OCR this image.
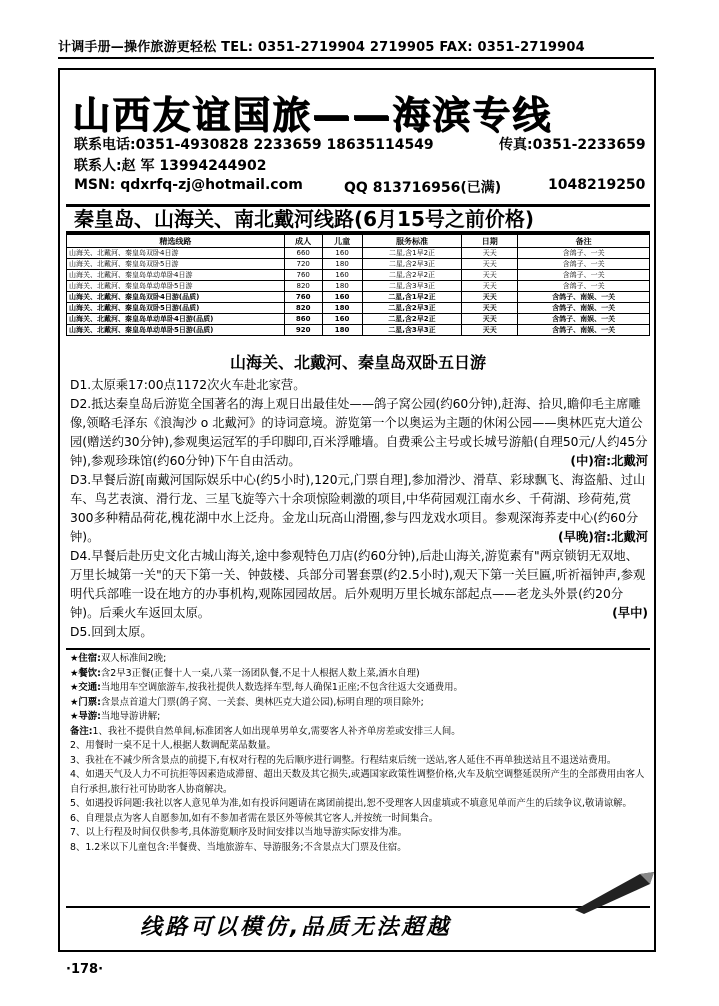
计调手册—操作旅游更轻松 TEL: 0351-2719904 2719905 FAX: 0351-2719904
山西友谊国旅——海滨专线
联系电话:0351-4930828 2233659 18635114549	传真:0351-2233659
联系人:赵 军 13994244902
MSN: qdxrfq-zj@hotmail.com	QQ 813716956(已满)	1048219250
秦皇岛、山海关、南北戴河线路(6月15号之前价格)
精选线路	成人	儿童	服务标准	日期	备注
山海关、北戴河、秦皇岛双卧4日游	660	160	二星,含1早2正	天天	含鸽子、一关
山海关、北戴河、秦皇岛双卧5日游	720	180	二星,含2早3正	天天	含鸽子、一关
山海关、北戴河、秦皇岛单动单卧4日游	760	160	二星,含2早2正	天天	含鸽子、一关
山海关、北戴河、秦皇岛单动单卧5日游	820	180	二星,含3早3正	天天	含鸽子、一关
山海关、北戴河、秦皇岛双卧4日游(品质)	760	160	二星,含1早2正	天天	含鸽子、南娱、一关
山海关、北戴河、秦皇岛双卧5日游(品质)	820	180	二星,含2早3正	天天	含鸽子、南娱、一关
山海关、北戴河、秦皇岛单动单卧4日游(品质)	860	160	二星,含2早2正	天天	含鸽子、南娱、一关
山海关、北戴河、秦皇岛单动单卧5日游(品质)	920	180	二星,含3早3正	天天	含鸽子、南娱、一关
山海关、北戴河、秦皇岛双卧五日游

D1.太原乘17:00点1172次火车赴北家营。

D2.抵达秦皇岛后游览全国著名的海上观日出最佳处——鸽子窝公园(约60分钟),赶海、拾贝,瞻仰毛主席雕像,领略毛泽东《浪淘沙 o 北戴河》的诗词意境。游览第一个以奥运为主题的休闲公园——奥林匹克大道公园(赠送约30分钟),参观奥运冠军的手印脚印,百米浮雕墙。自费乘公主号或长城号游船(自理50元/人约45分钟),参观珍珠馆(约60分钟)下午自由活动。	(中)宿:北戴河

D3.早餐后游[南戴河国际娱乐中心(约5小时),120元,门票自理],参加滑沙、滑草、彩球飘飞、海盗船、过山车、鸟艺表演、滑行龙、三星飞旋等六十余项惊险刺激的项目,中华荷园观江南水乡、千荷湖、珍荷苑,赏300多种精品荷花,槐花湖中水上泛舟。金龙山玩高山滑圈,参与四龙戏水项目。参观深海荞麦中心(约60分钟)。	(早晚)宿:北戴河

D4.早餐后赴历史文化古城山海关,途中参观特色刀店(约60分钟),后赴山海关,游览素有"两京锁钥无双地、万里长城第一关"的天下第一关、钟鼓楼、兵部分司署套票(约2.5小时),观天下第一关巨匾,听祈福钟声,参观明代兵部唯一设在地方的办事机构,观陈园园故居。后外观明万里长城东部起点——老龙头外景(约20分钟)。后乘火车返回太原。	(早中)

D5.回到太原。

★住宿:双人标准间2晚;

★餐饮:含2早3正餐(正餐十人一桌,八菜一汤团队餐,不足十人根据人数上菜,酒水自理)

★交通:当地用车空调旅游车,按我社提供人数选择车型,每人确保1正座;不包含往返大交通费用。

★门票:含景点首道大门票(鸽子窝、一关套、奥林匹克大道公园),标明自理的项目除外;

★导游:当地导游讲解;

备注:1、我社不提供自然单间,标准团客人如出现单男单女,需要客人补齐单房差或安排三人间。

2、用餐时一桌不足十人,根据人数调配菜品数量。

3、我社在不减少所含景点的前提下,有权对行程的先后顺序进行调整。行程结束后统一送站,客人延住不再单独送站且不退送站费用。

4、如遇天气及人力不可抗拒等因素造成滞留、超出天数及其它损失,或遇国家政策性调整价格,火车及航空调整延误所产生的全部费用由客人自行承担,旅行社可协助客人协商解决。

5、如遇投诉问题:我社以客人意见单为准,如有投诉问题请在离团前提出,恕不受理客人因虚填或不填意见单而产生的后续争议,敬请谅解。

6、自理景点为客人自愿参加,如有不参加者需在景区外等候其它客人,并按统一时间集合。

7、以上行程及时间仅供参考,具体游览顺序及时间安排以当地导游实际安排为准。

8、1.2米以下儿童包含:半餐费、当地旅游车、导游服务;不含景点大门票及住宿。

线路可以模仿,品质无法超越
·178·
